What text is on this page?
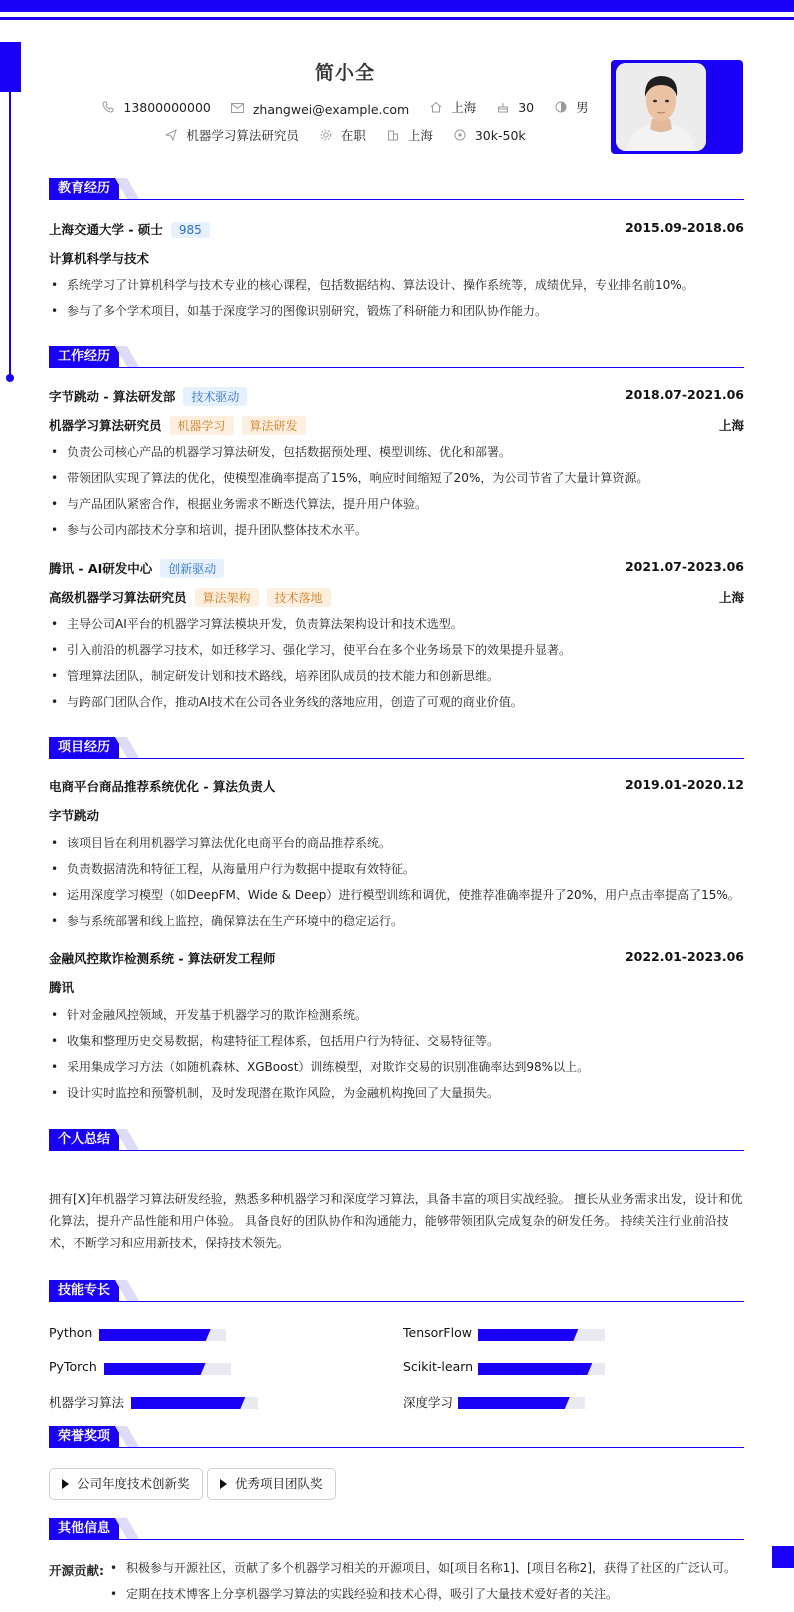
简小全
13800000000
	zhangwei@example.com
	上海
	30
	男
机器学习算法研究员
	在职
	上海
	30k-50k
教育经历
上海交通大学 - 硕士 985	2015.09-2018.06
计算机科学与技术
• 系统学习了计算机科学与技术专业的核心课程，包括数据结构、算法设计、操作系统等，成绩优异，专业排名前10%。
• 参与了多个学术项目，如基于深度学习的图像识别研究，锻炼了科研能力和团队协作能力。
工作经历
字节跳动 - 算法研发部 技术驱动	2018.07-2021.06
机器学习算法研究员 机器学习 算法研发	上海
• 负责公司核心产品的机器学习算法研发，包括数据预处理、模型训练、优化和部署。
• 带领团队实现了算法的优化，使模型准确率提高了15%，响应时间缩短了20%，为公司节省了大量计算资源。
• 与产品团队紧密合作，根据业务需求不断迭代算法，提升用户体验。
• 参与公司内部技术分享和培训，提升团队整体技术水平。
腾讯 - AI研发中心 创新驱动	2021.07-2023.06
高级机器学习算法研究员 算法架构 技术落地	上海
• 主导公司AI平台的机器学习算法模块开发，负责算法架构设计和技术选型。
• 引入前沿的机器学习技术，如迁移学习、强化学习，使平台在多个业务场景下的效果提升显著。
• 管理算法团队，制定研发计划和技术路线，培养团队成员的技术能力和创新思维。
• 与跨部门团队合作，推动AI技术在公司各业务线的落地应用，创造了可观的商业价值。
项目经历
电商平台商品推荐系统优化 - 算法负责人	2019.01-2020.12
字节跳动
• 该项目旨在利用机器学习算法优化电商平台的商品推荐系统。
• 负责数据清洗和特征工程，从海量用户行为数据中提取有效特征。
• 运用深度学习模型（如DeepFM、Wide & Deep）进行模型训练和调优，使推荐准确率提升了20%，用户点击率提高了15%。
• 参与系统部署和线上监控，确保算法在生产环境中的稳定运行。
金融风控欺诈检测系统 - 算法研发工程师	2022.01-2023.06
腾讯
• 针对金融风控领域，开发基于机器学习的欺诈检测系统。
• 收集和整理历史交易数据，构建特征工程体系，包括用户行为特征、交易特征等。
• 采用集成学习方法（如随机森林、XGBoost）训练模型，对欺诈交易的识别准确率达到98%以上。
• 设计实时监控和预警机制，及时发现潜在欺诈风险，为金融机构挽回了大量损失。
个人总结
拥有[X]年机器学习算法研发经验，熟悉多种机器学习和深度学习算法，具备丰富的项目实战经验。 擅长从业务需求出发，设计和优
化算法，提升产品性能和用户体验。 具备良好的团队协作和沟通能力，能够带领团队完成复杂的研发任务。 持续关注行业前沿技
术，不断学习和应用新技术，保持技术领先。
技能专长
Python	TensorFlow
PyTorch	Scikit-learn
机器学习算法	深度学习
荣誉奖项
公司年度技术创新奖	优秀项目团队奖
其他信息
开源贡献:
•	积极参与开源社区，贡献了多个机器学习相关的开源项目，如[项目名称1]、[项目名称2]，获得了社区的广泛认可。
• 定期在技术博客上分享机器学习算法的实践经验和技术心得，吸引了大量技术爱好者的关注。
